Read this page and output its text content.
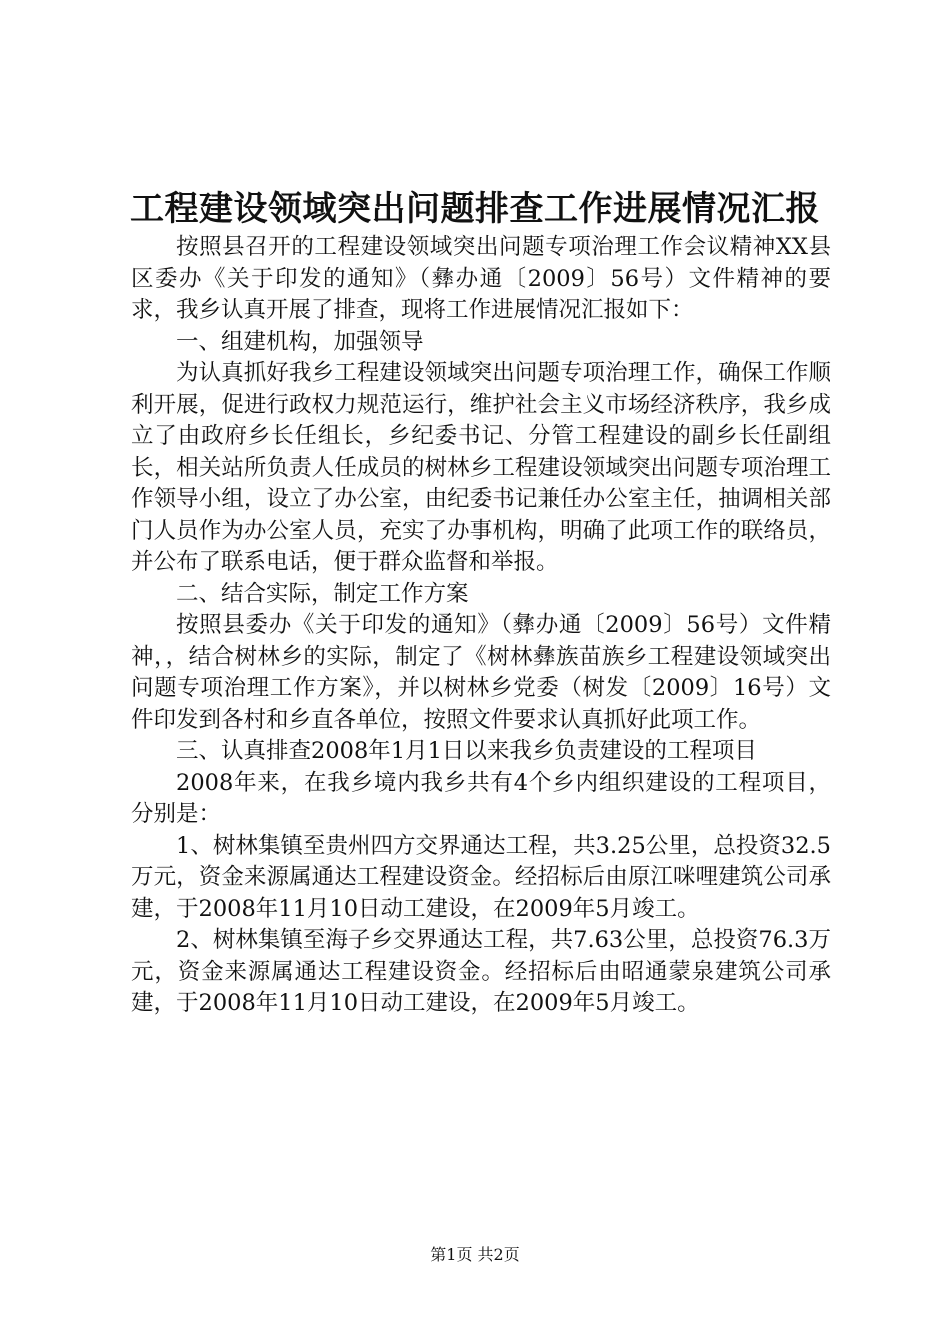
工程建设领域突出问题排查工作进展情况汇报

按照县召开的工程建设领域突出问题专项治理工作会议精神XX县区委办《关于印发的通知》（彝办通〔2009〕56号）文件精神的要求，我乡认真开展了排查，现将工作进展情况汇报如下：

一、组建机构，加强领导

为认真抓好我乡工程建设领域突出问题专项治理工作，确保工作顺利开展，促进行政权力规范运行，维护社会主义市场经济秩序，我乡成立了由政府乡长任组长，乡纪委书记、分管工程建设的副乡长任副组长，相关站所负责人任成员的树林乡工程建设领域突出问题专项治理工作领导小组，设立了办公室，由纪委书记兼任办公室主任，抽调相关部门人员作为办公室人员，充实了办事机构，明确了此项工作的联络员，并公布了联系电话，便于群众监督和举报。

二、结合实际，制定工作方案

按照县委办《关于印发的通知》（彝办通〔2009〕56号）文件精神，，结合树林乡的实际，制定了《树林彝族苗族乡工程建设领域突出问题专项治理工作方案》，并以树林乡党委（树发〔2009〕16号）文件印发到各村和乡直各单位，按照文件要求认真抓好此项工作。

三、认真排查2008年1月1日以来我乡负责建设的工程项目

2008年来，在我乡境内我乡共有4个乡内组织建设的工程项目，分别是：

1、树林集镇至贵州四方交界通达工程，共3.25公里，总投资32.5万元，资金来源属通达工程建设资金。经招标后由原江咪哩建筑公司承建，于2008年11月10日动工建设，在2009年5月竣工。

2、树林集镇至海子乡交界通达工程，共7.63公里，总投资76.3万元，资金来源属通达工程建设资金。经招标后由昭通蒙泉建筑公司承建，于2008年11月10日动工建设，在2009年5月竣工。

第1页 共2页
